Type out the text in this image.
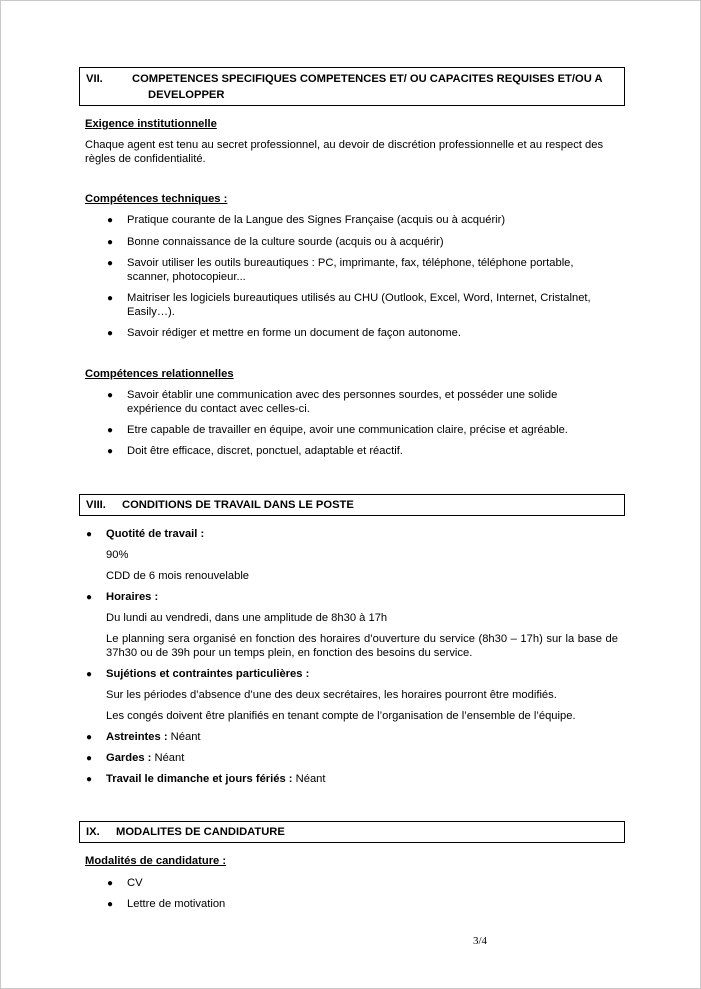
VII.	COMPETENCES SPECIFIQUES COMPETENCES ET/ OU CAPACITES REQUISES ET/OU A
DEVELOPPER
Exigence institutionnelle
Chaque agent est tenu au secret professionnel, au devoir de discrétion professionnelle et au respect des règles de confidentialité.
Compétences techniques :
● Pratique courante de la Langue des Signes Française (acquis ou à acquérir)
● Bonne connaissance de la culture sourde (acquis ou à acquérir)
● Savoir utiliser les outils bureautiques : PC, imprimante, fax, téléphone, téléphone portable, scanner, photocopieur...
● Maitriser les logiciels bureautiques utilisés au CHU (Outlook, Excel, Word, Internet, Cristalnet, Easily…).
● Savoir rédiger et mettre en forme un document de façon autonome.
Compétences relationnelles
● Savoir établir une communication avec des personnes sourdes, et posséder une solide expérience du contact avec celles-ci.
● Etre capable de travailler en équipe, avoir une communication claire, précise et agréable.
● Doit être efficace, discret, ponctuel, adaptable et réactif.
VIII. CONDITIONS DE TRAVAIL DANS LE POSTE
● Quotité de travail :
90%
CDD de 6 mois renouvelable
● Horaires :
Du lundi au vendredi, dans une amplitude de 8h30 à 17h
Le planning sera organisé en fonction des horaires d’ouverture du service (8h30 – 17h) sur la base de 37h30 ou de 39h pour un temps plein, en fonction des besoins du service.
● Sujétions et contraintes particulières :
Sur les périodes d’absence d’une des deux secrétaires, les horaires pourront être modifiés.
Les congés doivent être planifiés en tenant compte de l’organisation de l’ensemble de l’équipe.
● Astreintes : Néant
● Gardes : Néant
● Travail le dimanche et jours fériés : Néant
IX. MODALITES DE CANDIDATURE
Modalités de candidature :
● CV
● Lettre de motivation
3/4
